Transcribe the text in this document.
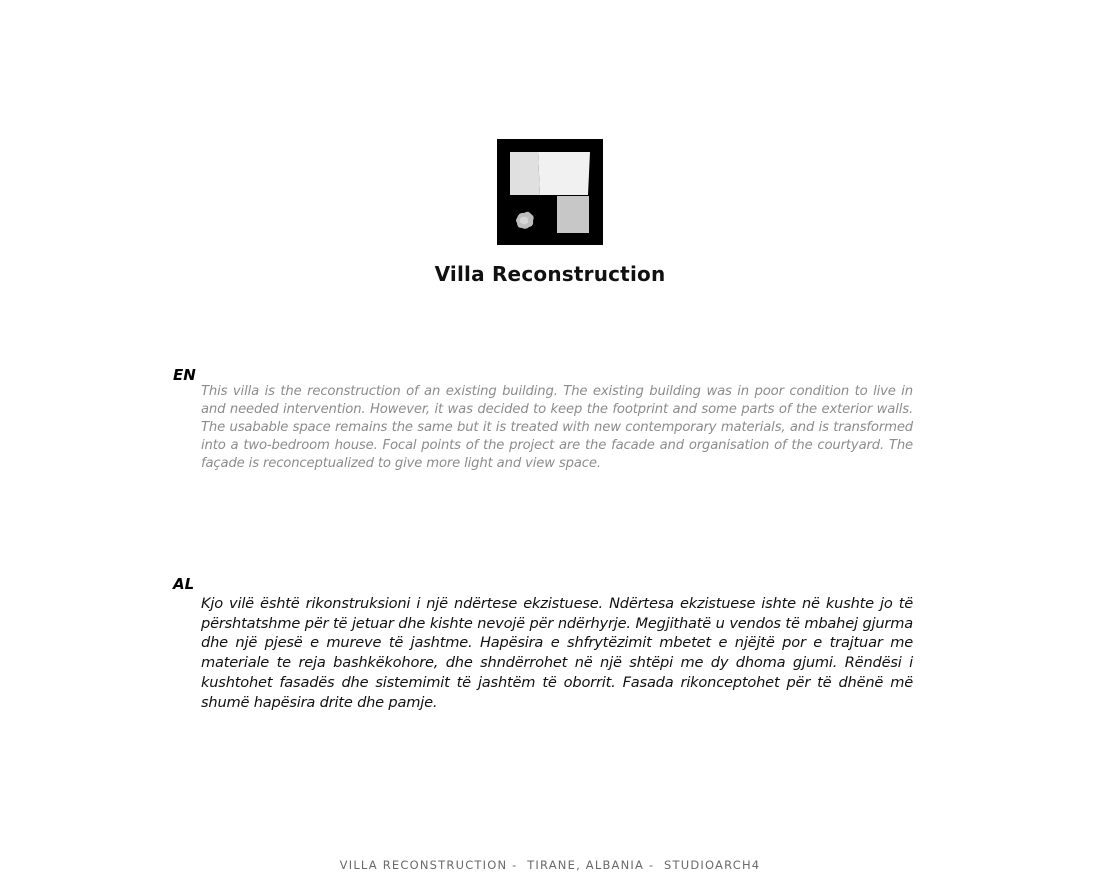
Villa Reconstruction
EN

This villa is the reconstruction of an existing building. The existing building was in poor condition to live in and needed intervention. However, it was decided to keep the footprint and some parts of the exterior walls. The usabable space remains the same but it is treated with new contemporary materials, and is transformed into a two-bedroom house. Focal points of the project are the facade and organisation of the courtyard. The façade is reconceptualized to give more light and view space.

AL

Kjo vilë është rikonstruksioni i një ndërtese ekzistuese. Ndërtesa ekzistuese ishte në kushte jo të përshtatshme për të jetuar dhe kishte nevojë për ndërhyrje. Megjithatë u vendos të mbahej gjurma dhe një pjesë e mureve të jashtme. Hapësira e shfrytëzimit mbetet e njëjtë por e trajtuar me materiale te reja bashkëkohore, dhe shndërrohet në një shtëpi me dy dhoma gjumi. Rëndësi i kushtohet fasadës dhe sistemimit të jashtëm të oborrit. Fasada rikonceptohet për të dhënë më shumë hapësira drite dhe pamje.

VILLA RECONSTRUCTION -  TIRANE, ALBANIA -  STUDIOARCH4
